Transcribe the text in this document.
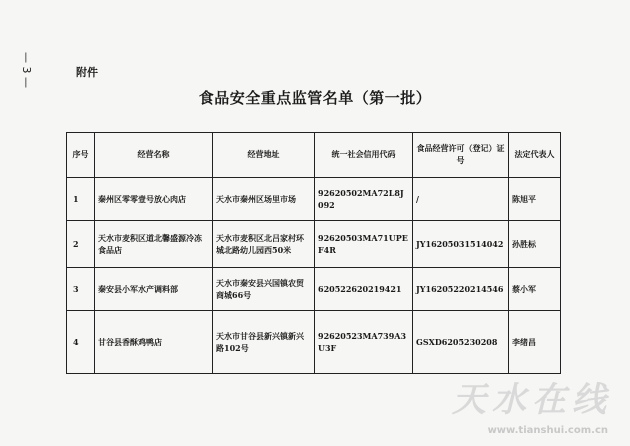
— 3 —	附件
食品安全重点监管名单（第一批）
序号	经营名称	经营地址	统一社会信用代码	食品经营许可（登记）证号	法定代表人
1	秦州区零零壹号放心肉店	天水市秦州区场里市场	92620502MA72L8J092	/	陈旭平
2	天水市麦积区道北馨盛源冷冻食品店	天水市麦积区北吕家村环城北路幼儿园西50米	92620503MA71UPEF4R	JY16205031514042	孙胜标
3	秦安县小军水产调料部	天水市秦安县兴国镇农贸商城66号	620522620219421	JY16205220214546	蔡小军
4	甘谷县香酥鸡鸭店	天水市甘谷县新兴镇新兴路102号	92620523MA739A3U3F	GSXD6205230208	李绪昌
天水在线
www.tianshui.com.cn
